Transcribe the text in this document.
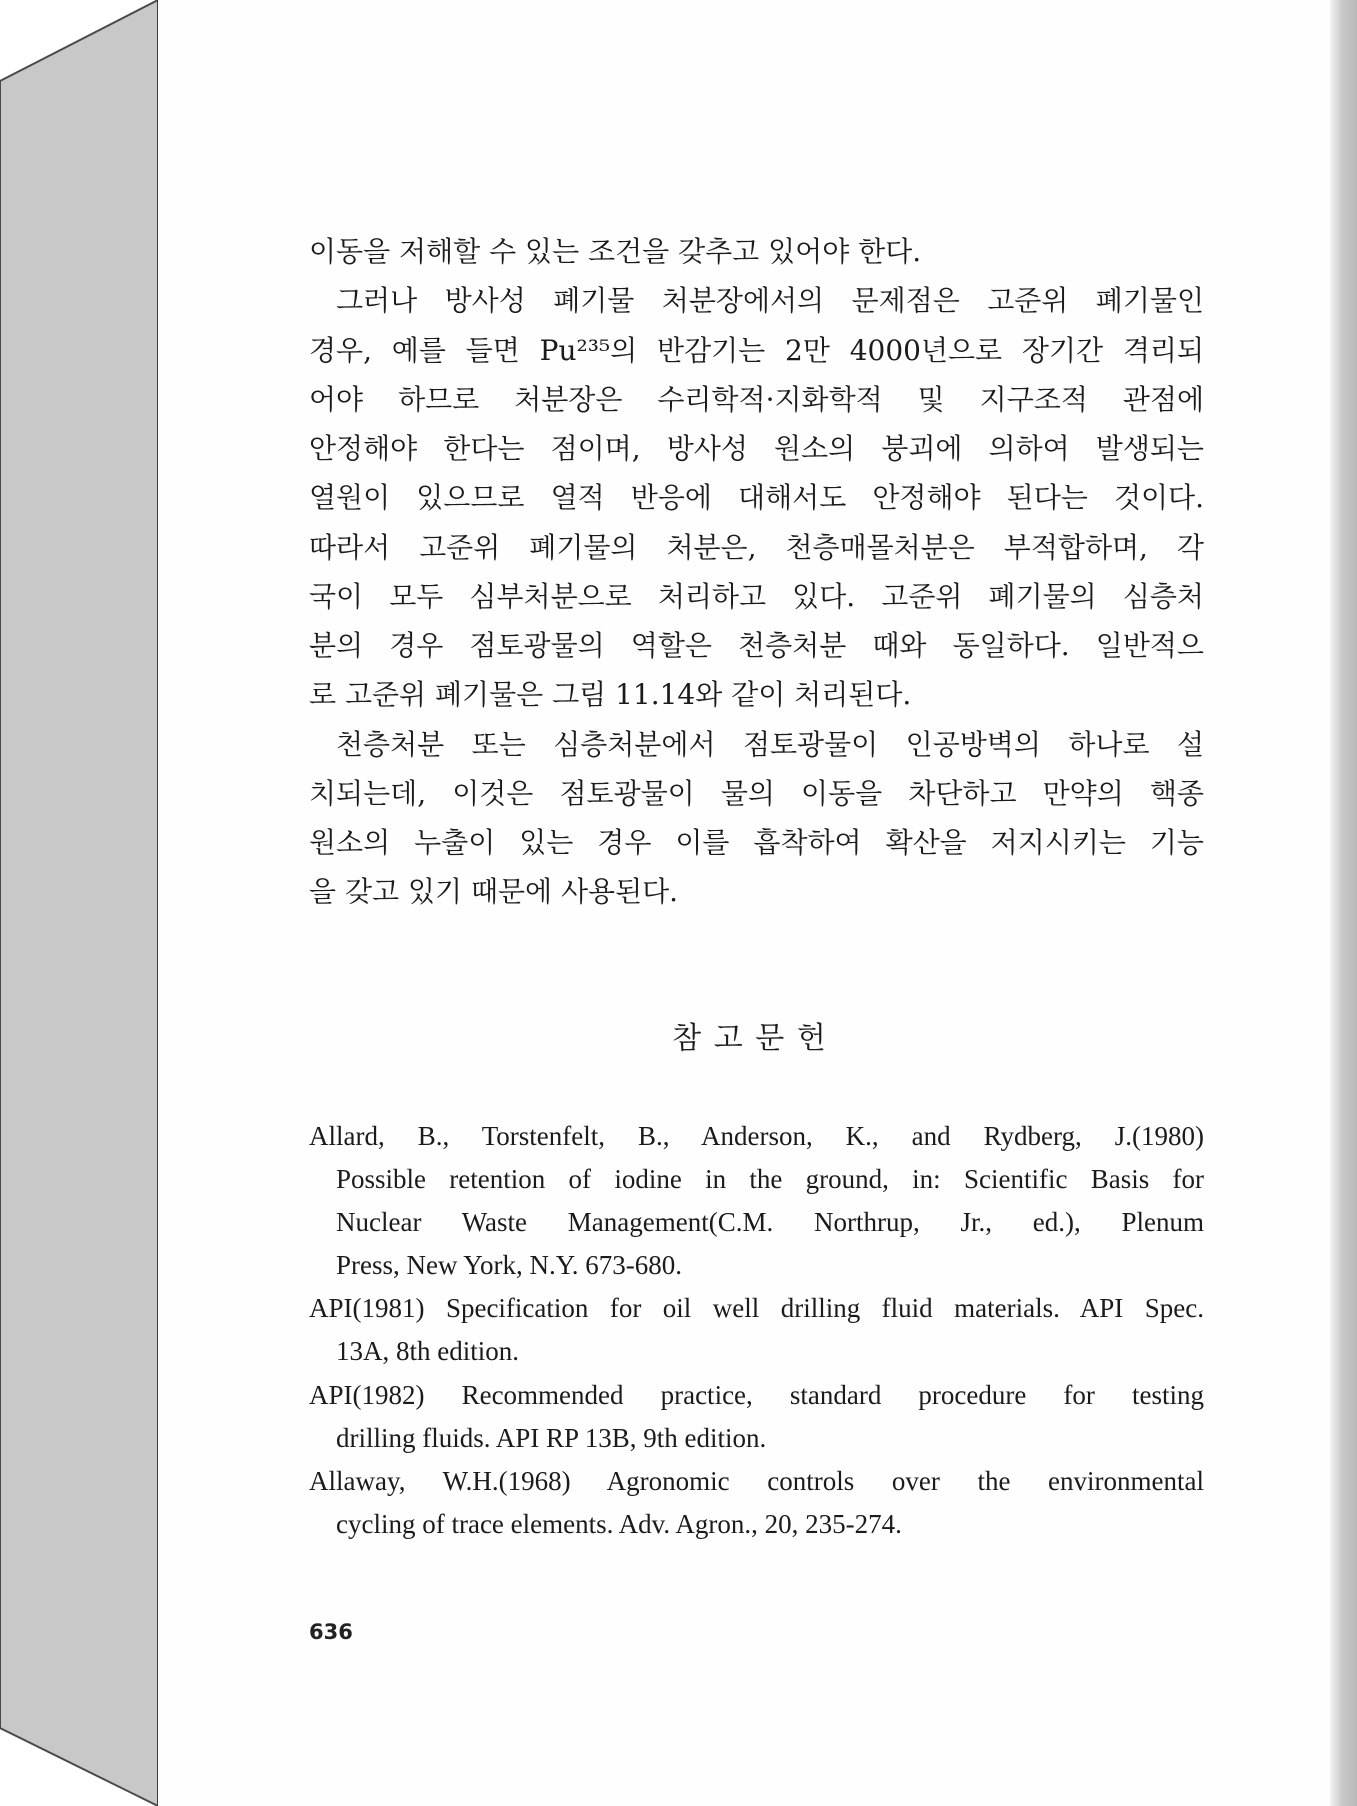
이동을 저해할 수 있는 조건을 갖추고 있어야 한다.
그러나 방사성 폐기물 처분장에서의 문제점은 고준위 폐기물인
경우, 예를 들면 Pu²³⁵의 반감기는 2만 4000년으로 장기간 격리되
어야 하므로 처분장은 수리학적·지화학적 및 지구조적 관점에
안정해야 한다는 점이며, 방사성 원소의 붕괴에 의하여 발생되는
열원이 있으므로 열적 반응에 대해서도 안정해야 된다는 것이다.
따라서 고준위 폐기물의 처분은, 천층매몰처분은 부적합하며, 각
국이 모두 심부처분으로 처리하고 있다. 고준위 폐기물의 심층처
분의 경우 점토광물의 역할은 천층처분 때와 동일하다. 일반적으
로 고준위 폐기물은 그림 11.14와 같이 처리된다.
천층처분 또는 심층처분에서 점토광물이 인공방벽의 하나로 설
치되는데, 이것은 점토광물이 물의 이동을 차단하고 만약의 핵종
원소의 누출이 있는 경우 이를 흡착하여 확산을 저지시키는 기능
을 갖고 있기 때문에 사용된다.
참고문헌
Allard, B., Torstenfelt, B., Anderson, K., and Rydberg, J.(1980)
Possible retention of iodine in the ground, in: Scientific Basis for
Nuclear Waste Management(C.M. Northrup, Jr., ed.), Plenum
Press, New York, N.Y. 673-680.
API(1981) Specification for oil well drilling fluid materials. API Spec.
13A, 8th edition.
API(1982) Recommended practice, standard procedure for testing
drilling fluids. API RP 13B, 9th edition.
Allaway, W.H.(1968) Agronomic controls over the environmental
cycling of trace elements. Adv. Agron., 20, 235-274.
636
